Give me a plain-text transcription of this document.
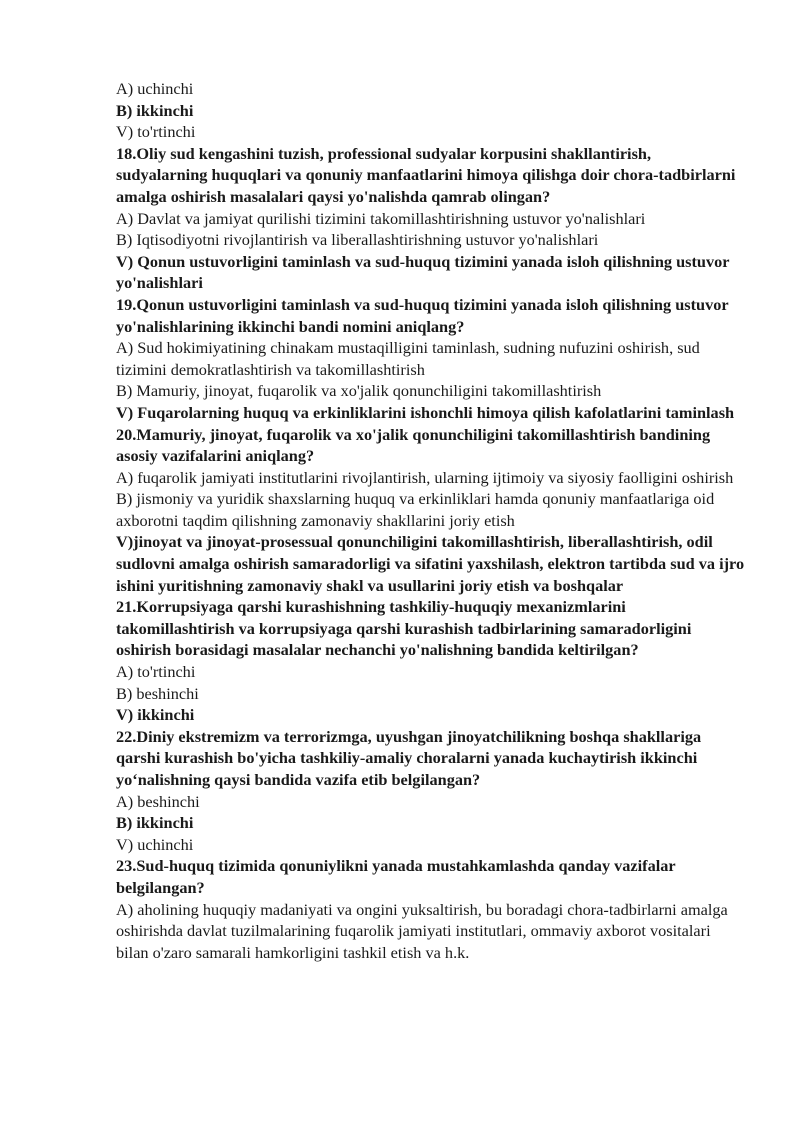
A) uchinchi
B) ikkinchi
V) to'rtinchi
18.Oliy sud kengashini tuzish, professional sudyalar korpusini shakllantirish, sudyalarning huquqlari va qonuniy manfaatlarini himoya qilishga doir chora-tadbirlarni amalga oshirish masalalari qaysi yo'nalishda qamrab olingan?
A) Davlat va jamiyat qurilishi tizimini takomillashtirishning ustuvor yo'nalishlari
B) Iqtisodiyotni rivojlantirish va liberallashtirishning ustuvor yo'nalishlari
V) Qonun ustuvorligini taminlash va sud-huquq tizimini yanada isloh qilishning ustuvor yo'nalishlari
19.Qonun ustuvorligini taminlash va sud-huquq tizimini yanada isloh qilishning ustuvor yo'nalishlarining ikkinchi bandi nomini aniqlang?
A) Sud hokimiyatining chinakam mustaqilligini taminlash, sudning nufuzini oshirish, sud tizimini demokratlashtirish va takomillashtirish
B) Mamuriy, jinoyat, fuqarolik va xo'jalik qonunchiligini takomillashtirish
V) Fuqarolarning huquq va erkinliklarini ishonchli himoya qilish kafolatlarini taminlash
20.Mamuriy, jinoyat, fuqarolik va xo'jalik qonunchiligini takomillashtirish bandining asosiy vazifalarini aniqlang?
A) fuqarolik jamiyati institutlarini rivojlantirish, ularning ijtimoiy va siyosiy faolligini oshirish
B) jismoniy va yuridik shaxslarning huquq va erkinliklari hamda qonuniy manfaatlariga oid axborotni taqdim qilishning zamonaviy shakllarini joriy etish
V)jinoyat va jinoyat-prosessual qonunchiligini takomillashtirish, liberallashtirish, odil sudlovni amalga oshirish samaradorligi va sifatini yaxshilash, elektron tartibda sud va ijro ishini yuritishning zamonaviy shakl va usullarini joriy etish va boshqalar
21.Korrupsiyaga qarshi kurashishning tashkiliy-huquqiy mexanizmlarini takomillashtirish va korrupsiyaga qarshi kurashish tadbirlarining samaradorligini oshirish borasidagi masalalar nechanchi yo'nalishning bandida keltirilgan?
A) to'rtinchi
B) beshinchi
V) ikkinchi
22.Diniy ekstremizm va terrorizmga, uyushgan jinoyatchilikning boshqa shakllariga qarshi kurashish bo'yicha tashkiliy-amaliy choralarni yanada kuchaytirish ikkinchi yoʻnalishning qaysi bandida vazifa etib belgilangan?
A) beshinchi
B) ikkinchi
V) uchinchi
23.Sud-huquq tizimida qonuniylikni yanada mustahkamlashda qanday vazifalar belgilangan?
A) aholining huquqiy madaniyati va ongini yuksaltirish, bu boradagi chora-tadbirlarni amalga oshirishda davlat tuzilmalarining fuqarolik jamiyati institutlari, ommaviy axborot vositalari bilan o'zaro samarali hamkorligini tashkil etish va h.k.
